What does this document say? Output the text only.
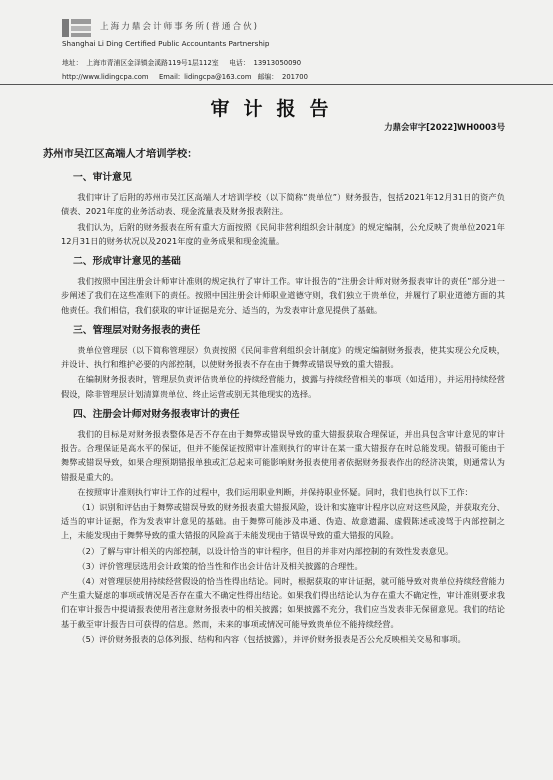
上海力鼎会计师事务所(普通合伙)
Shanghai Li Ding Certified Public Accountants Partnership
地址： 上海市青浦区金泽镇金溪路119号1层112室 电话： 13913050090
http://www.lidingcpa.com Email: lidingcpa@163.com 邮编： 201700
审计报告
力鼎会审字[2022]WH0003号
苏州市吴江区高端人才培训学校：
一、审计意见

我们审计了后附的苏州市吴江区高端人才培训学校（以下简称“贵单位”）财务报告，包括2021年12月31日的资产负债表、2021年度的业务活动表、现金流量表及财务报表附注。

我们认为，后附的财务报表在所有重大方面按照《民间非营利组织会计制度》的规定编制，公允反映了贵单位2021年12月31日的财务状况以及2021年度的业务成果和现金流量。

二、形成审计意见的基础

我们按照中国注册会计师审计准则的规定执行了审计工作。审计报告的“注册会计师对财务报表审计的责任”部分进一步阐述了我们在这些准则下的责任。按照中国注册会计师职业道德守则，我们独立于贵单位，并履行了职业道德方面的其他责任。我们相信，我们获取的审计证据是充分、适当的，为发表审计意见提供了基础。

三、管理层对财务报表的责任

贵单位管理层（以下简称管理层）负责按照《民间非营利组织会计制度》的规定编制财务报表，使其实现公允反映，并设计、执行和维护必要的内部控制，以使财务报表不存在由于舞弊或错误导致的重大错报。

在编制财务报表时，管理层负责评估贵单位的持续经营能力，披露与持续经营相关的事项（如适用），并运用持续经营假设，除非管理层计划清算贵单位、终止运营或别无其他现实的选择。

四、注册会计师对财务报表审计的责任

我们的目标是对财务报表整体是否不存在由于舞弊或错误导致的重大错报获取合理保证，并出具包含审计意见的审计报告。合理保证是高水平的保证，但并不能保证按照审计准则执行的审计在某一重大错报存在时总能发现。错报可能由于舞弊或错误导致，如果合理预期错报单独或汇总起来可能影响财务报表使用者依据财务报表作出的经济决策，则通常认为错报是重大的。

在按照审计准则执行审计工作的过程中，我们运用职业判断，并保持职业怀疑。同时，我们也执行以下工作：

（1）识别和评估由于舞弊或错误导致的财务报表重大错报风险，设计和实施审计程序以应对这些风险，并获取充分、适当的审计证据，作为发表审计意见的基础。由于舞弊可能涉及串通、伪造、故意遗漏、虚假陈述或凌驾于内部控制之上，未能发现由于舞弊导致的重大错报的风险高于未能发现由于错误导致的重大错报的风险。

（2）了解与审计相关的内部控制，以设计恰当的审计程序，但目的并非对内部控制的有效性发表意见。

（3）评价管理层选用会计政策的恰当性和作出会计估计及相关披露的合理性。

（4）对管理层使用持续经营假设的恰当性得出结论。同时，根据获取的审计证据，就可能导致对贵单位持续经营能力产生重大疑虑的事项或情况是否存在重大不确定性得出结论。如果我们得出结论认为存在重大不确定性，审计准则要求我们在审计报告中提请报表使用者注意财务报表中的相关披露；如果披露不充分，我们应当发表非无保留意见。我们的结论基于截至审计报告日可获得的信息。然而，未来的事项或情况可能导致贵单位不能持续经营。

（5）评价财务报表的总体列报、结构和内容（包括披露），并评价财务报表是否公允反映相关交易和事项。
